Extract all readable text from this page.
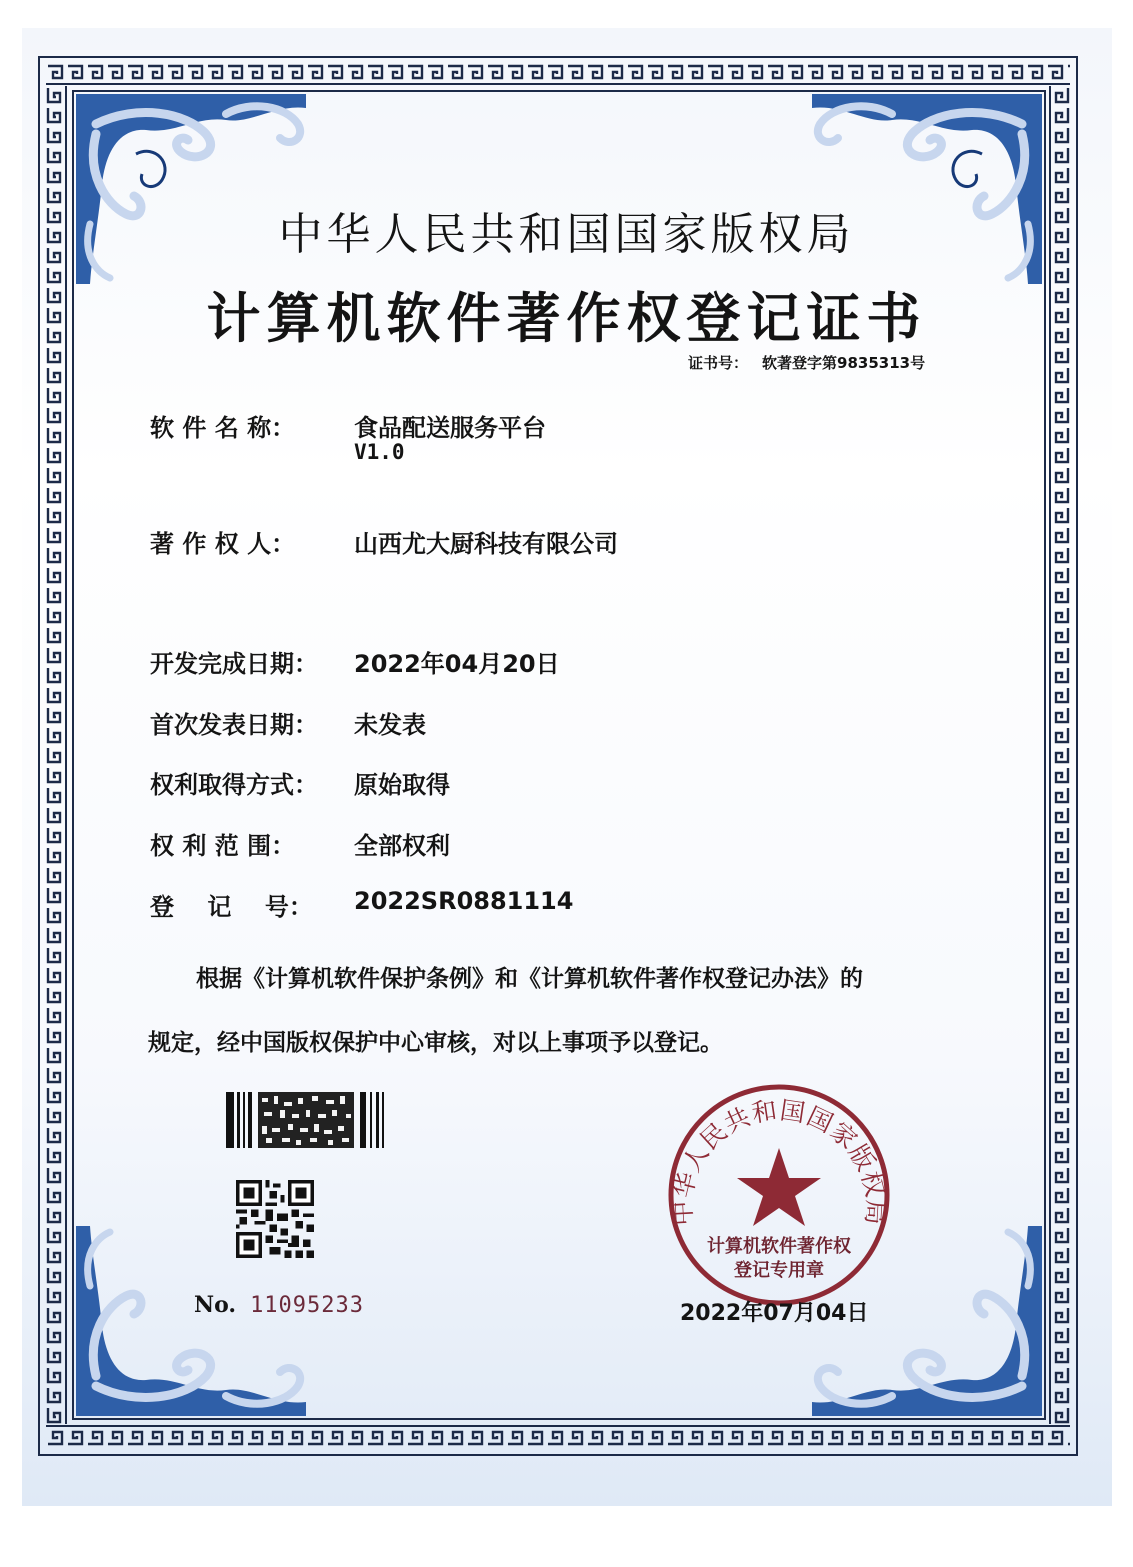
中华人民共和国国家版权局
计算机软件著作权登记证书
证书号： 软著登字第9835313号
软 件 名 称： 食品配送服务平台
V1.0
著 作 权 人： 山西尤大厨科技有限公司
开发完成日期： 2022年04月20日
首次发表日期： 未发表
权利取得方式： 原始取得
权 利 范 围： 全部权利
登    记    号： 2022SR0881114
根据《计算机软件保护条例》和《计算机软件著作权登记办法》的
规定，经中国版权保护中心审核，对以上事项予以登记。
No. 11095233
中华人民共和国国家版权局
计算机软件著作权
登记专用章
2022年07月04日
